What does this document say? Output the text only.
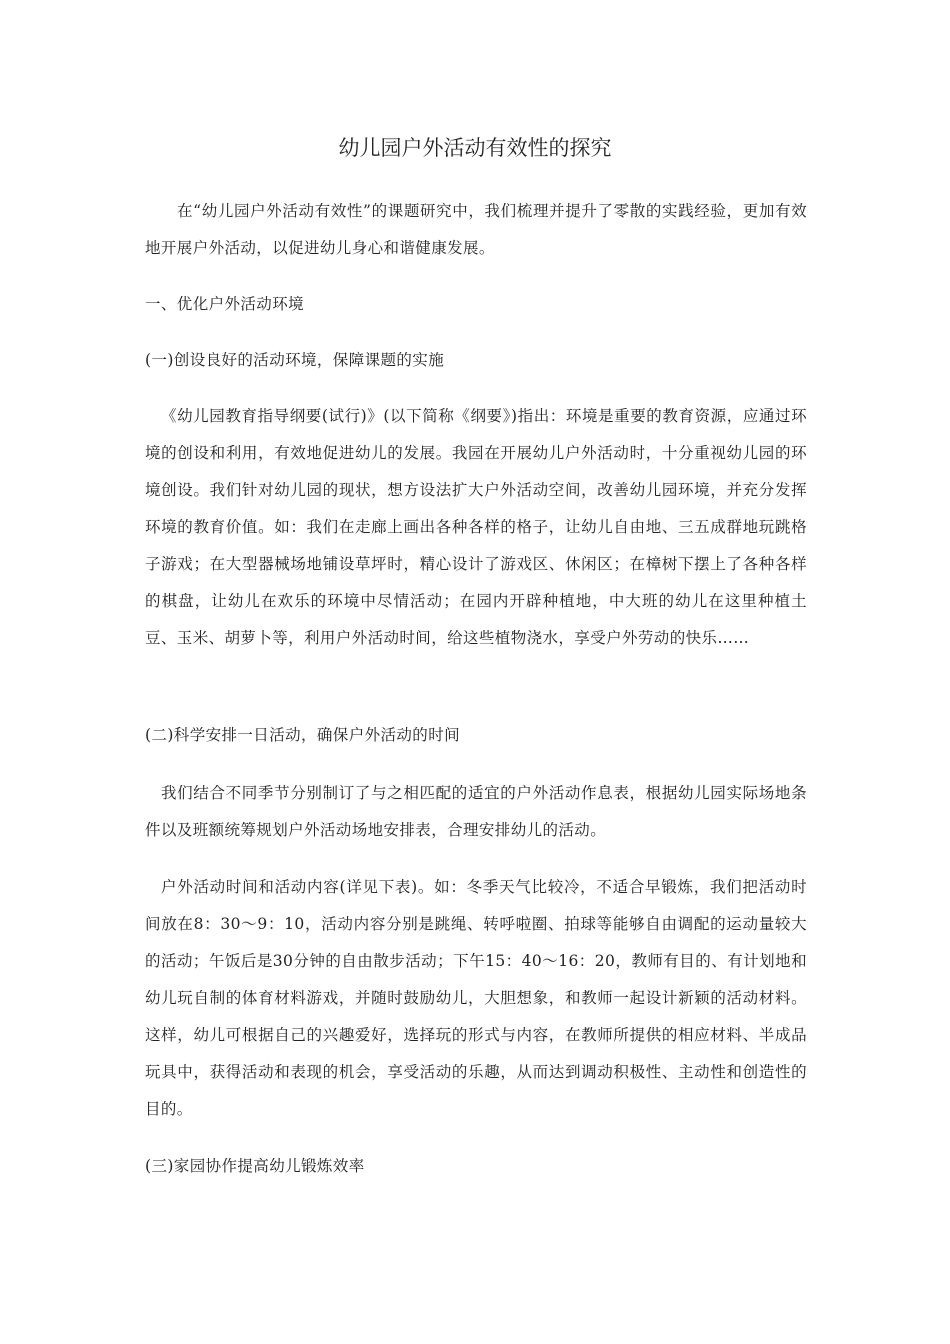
幼儿园户外活动有效性的探究

在“幼儿园户外活动有效性”的课题研究中，我们梳理并提升了零散的实践经验，更加有效地开展户外活动，以促进幼儿身心和谐健康发展。

一、优化户外活动环境

(一)创设良好的活动环境，保障课题的实施

《幼儿园教育指导纲要(试行)》(以下简称《纲要》)指出：环境是重要的教育资源，应通过环境的创设和利用，有效地促进幼儿的发展。我园在开展幼儿户外活动时，十分重视幼儿园的环境创设。我们针对幼儿园的现状，想方设法扩大户外活动空间，改善幼儿园环境，并充分发挥环境的教育价值。如：我们在走廊上画出各种各样的格子，让幼儿自由地、三五成群地玩跳格子游戏；在大型器械场地铺设草坪时，精心设计了游戏区、休闲区；在樟树下摆上了各种各样的棋盘，让幼儿在欢乐的环境中尽情活动；在园内开辟种植地，中大班的幼儿在这里种植土豆、玉米、胡萝卜等，利用户外活动时间，给这些植物浇水，享受户外劳动的快乐……

(二)科学安排一日活动，确保户外活动的时间

我们结合不同季节分别制订了与之相匹配的适宜的户外活动作息表，根据幼儿园实际场地条件以及班额统筹规划户外活动场地安排表，合理安排幼儿的活动。

户外活动时间和活动内容(详见下表)。如：冬季天气比较冷，不适合早锻炼，我们把活动时间放在8：30～9：10，活动内容分别是跳绳、转呼啦圈、拍球等能够自由调配的运动量较大的活动；午饭后是30分钟的自由散步活动；下午15：40～16：20，教师有目的、有计划地和幼儿玩自制的体育材料游戏，并随时鼓励幼儿，大胆想象，和教师一起设计新颖的活动材料。这样，幼儿可根据自己的兴趣爱好，选择玩的形式与内容，在教师所提供的相应材料、半成品玩具中，获得活动和表现的机会，享受活动的乐趣，从而达到调动积极性、主动性和创造性的目的。

(三)家园协作提高幼儿锻炼效率
